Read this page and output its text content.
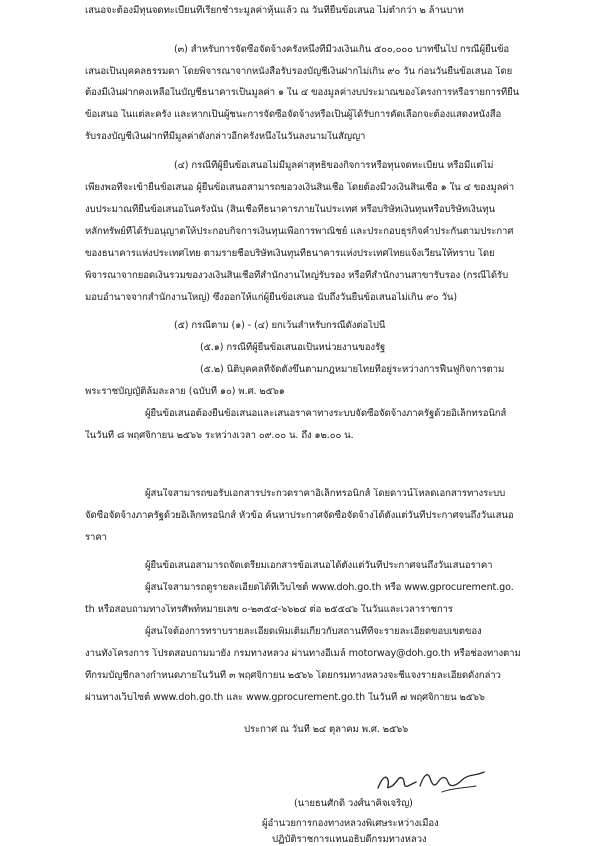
เสนอจะต้องมีทุนจดทะเบียนที่เรียกชำระมูลค่าหุ้นแล้ว ณ วันที่ยื่นข้อเสนอ ไม่ต่ำกว่า ๒ ล้านบาท
(๓) สำหรับการจัดซื้อจัดจ้างครั้งหนึ่งที่มีวงเงินเกิน ๕๐๐,๐๐๐ บาทขึ้นไป กรณีผู้ยื่นข้อ
เสนอเป็นบุคคลธรรมดา โดยพิจารณาจากหนังสือรับรองบัญชีเงินฝากไม่เกิน ๙๐ วัน ก่อนวันยื่นข้อเสนอ โดย
ต้องมีเงินฝากคงเหลือในบัญชีธนาคารเป็นมูลค่า ๑ ใน ๔ ของมูลค่างบประมาณของโครงการหรือรายการที่ยื่น
ข้อเสนอ ในแต่ละครั้ง และหากเป็นผู้ชนะการจัดซื้อจัดจ้างหรือเป็นผู้ได้รับการคัดเลือกจะต้องแสดงหนังสือ
รับรองบัญชีเงินฝากที่มีมูลค่าดังกล่าวอีกครั้งหนึ่งในวันลงนามในสัญญา
(๔) กรณีที่ผู้ยื่นข้อเสนอไม่มีมูลค่าสุทธิของกิจการหรือทุนจดทะเบียน หรือมีแต่ไม่
เพียงพอที่จะเข้ายื่นข้อเสนอ ผู้ยื่นข้อเสนอสามารถขอวงเงินสินเชื่อ โดยต้องมีวงเงินสินเชื่อ ๑ ใน ๔ ของมูลค่า
งบประมาณที่ยื่นข้อเสนอในครั้งนั้น (สินเชื่อที่ธนาคารภายในประเทศ หรือบริษัทเงินทุนหรือบริษัทเงินทุน
หลักทรัพย์ที่ได้รับอนุญาตให้ประกอบกิจการเงินทุนเพื่อการพาณิชย์ และประกอบธุรกิจค้ำประกันตามประกาศ
ของธนาคารแห่งประเทศไทย ตามรายชื่อบริษัทเงินทุนที่ธนาคารแห่งประเทศไทยแจ้งเวียนให้ทราบ โดย
พิจารณาจากยอดเงินรวมของวงเงินสินเชื่อที่สำนักงานใหญ่รับรอง หรือที่สำนักงานสาขารับรอง (กรณีได้รับ
มอบอำนาจจากสำนักงานใหญ่) ซึ่งออกให้แก่ผู้ยื่นข้อเสนอ นับถึงวันยื่นข้อเสนอไม่เกิน ๙๐ วัน)
(๕) กรณีตาม (๑) - (๔) ยกเว้นสำหรับกรณีดังต่อไปนี้
(๕.๑) กรณีที่ผู้ยื่นข้อเสนอเป็นหน่วยงานของรัฐ
(๕.๒) นิติบุคคลที่จัดตั้งขึ้นตามกฎหมายไทยที่อยู่ระหว่างการฟื้นฟูกิจการตาม
พระราชบัญญัติล้มละลาย (ฉบับที่ ๑๐) พ.ศ. ๒๕๖๑
ผู้ยื่นข้อเสนอต้องยื่นข้อเสนอและเสนอราคาทางระบบจัดซื้อจัดจ้างภาครัฐด้วยอิเล็กทรอนิกส์
ในวันที่ ๘ พฤศจิกายน ๒๕๖๖ ระหว่างเวลา ๐๙.๐๐ น. ถึง ๑๒.๐๐ น.
ผู้สนใจสามารถขอรับเอกสารประกวดราคาอิเล็กทรอนิกส์ โดยดาวน์โหลดเอกสารทางระบบ
จัดซื้อจัดจ้างภาครัฐด้วยอิเล็กทรอนิกส์ หัวข้อ ค้นหาประกาศจัดซื้อจัดจ้างได้ตั้งแต่วันที่ประกาศจนถึงวันเสนอ
ราคา
ผู้ยื่นข้อเสนอสามารถจัดเตรียมเอกสารข้อเสนอได้ตั้งแต่วันที่ประกาศจนถึงวันเสนอราคา
ผู้สนใจสามารถดูรายละเอียดได้ที่เว็บไซต์ www.doh.go.th หรือ www.gprocurement.go.
th หรือสอบถามทางโทรศัพท์หมายเลข ๐-๒๓๕๔-๖๖๒๔ ต่อ ๒๕๕๔๖ ในวันและเวลาราชการ
ผู้สนใจต้องการทราบรายละเอียดเพิ่มเติมเกี่ยวกับสถานที่ที่จะรายละเอียดขอบเขตของ
งานทั้งโครงการ โปรดสอบถามมายัง กรมทางหลวง ผ่านทางอีเมล์ motorway@doh.go.th หรือช่องทางตาม
ที่กรมบัญชีกลางกำหนดภายในวันที่ ๓ พฤศจิกายน ๒๕๖๖ โดยกรมทางหลวงจะชี้แจงรายละเอียดดังกล่าว
ผ่านทางเว็บไซต์ www.doh.go.th และ www.gprocurement.go.th ในวันที่ ๗ พฤศจิกายน ๒๕๖๖
ประกาศ ณ วันที่ ๒๔ ตุลาคม พ.ศ. ๒๕๖๖
(นายธนศักดิ์ วงศ์นาคิจเจริญ)
ผู้อำนวยการกองทางหลวงพิเศษระหว่างเมือง
ปฏิบัติราชการแทนอธิบดีกรมทางหลวง
